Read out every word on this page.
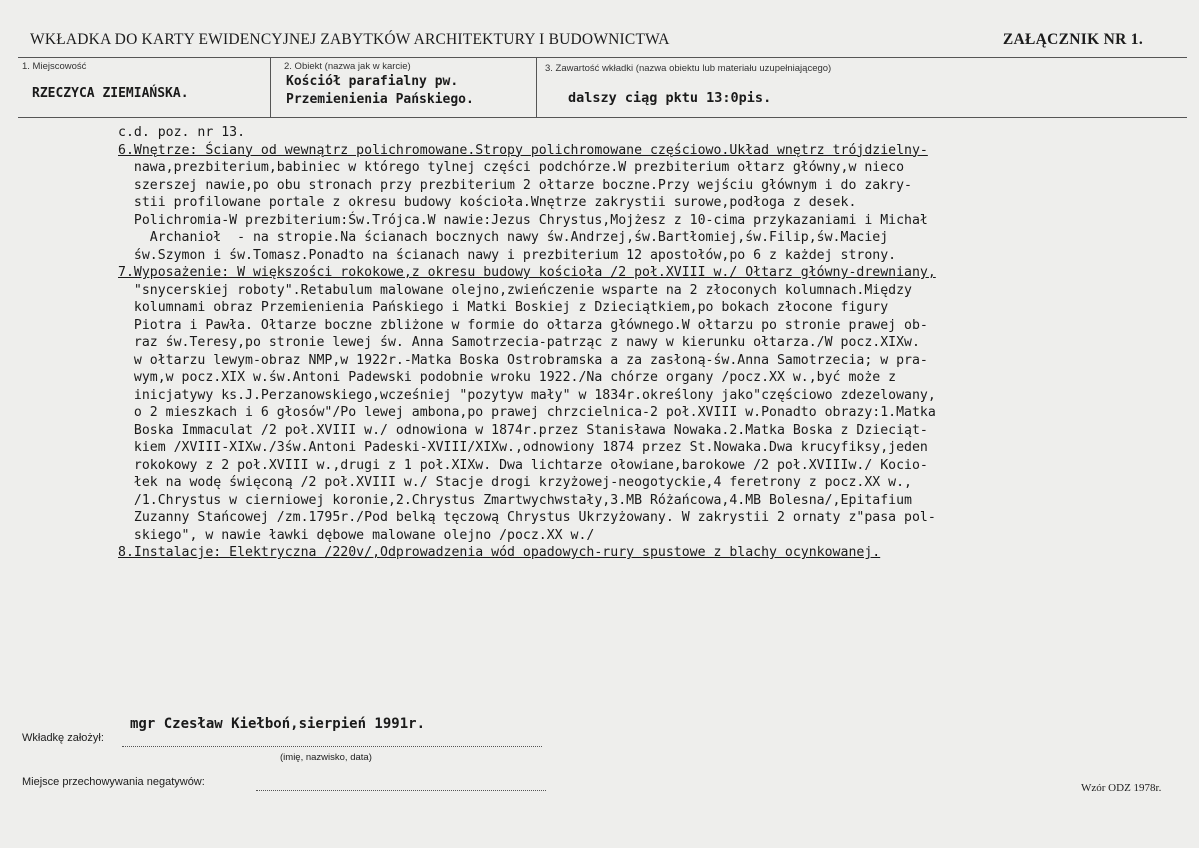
WKŁADKA DO KARTY EWIDENCYJNEJ ZABYTKÓW ARCHITEKTURY I BUDOWNICTWA	ZAŁĄCZNIK NR 1.
1. Miejscowość
RZECZYCA ZIEMIAŃSKA.
2. Obiekt (nazwa jak w karcie)
Kościół parafialny pw.
Przemienienia Pańskiego.
3. Zawartość wkładki (nazwa obiektu lub materiału uzupełniającego)
dalszy ciąg pktu 13:0pis.
c.d. poz. nr 13.
6.Wnętrze: Ściany od wewnątrz polichromowane.Stropy polichromowane częściowo.Układ wnętrz trójdzielny-
nawa,prezbiterium,babiniec w którego tylnej części podchórze.W prezbiterium ołtarz główny,w nieco
szerszej nawie,po obu stronach przy prezbiterium 2 ołtarze boczne.Przy wejściu głównym i do zakry-
stii profilowane portale z okresu budowy kościoła.Wnętrze zakrystii surowe,podłoga z desek.
Polichromia-W prezbiterium:Św.Trójca.W nawie:Jezus Chrystus,Mojżesz z 10-cima przykazaniami i Michał
Archanioł  - na stropie.Na ścianach bocznych nawy św.Andrzej,św.Bartłomiej,św.Filip,św.Maciej
św.Szymon i św.Tomasz.Ponadto na ścianach nawy i prezbiterium 12 apostołów,po 6 z każdej strony.
7.Wyposażenie: W większości rokokowe,z okresu budowy kościoła /2 poł.XVIII w./ Ołtarz główny-drewniany,
"snycerskiej roboty".Retabulum malowane olejno,zwieńczenie wsparte na 2 złoconych kolumnach.Między
kolumnami obraz Przemienienia Pańskiego i Matki Boskiej z Dzieciątkiem,po bokach złocone figury
Piotra i Pawła. Ołtarze boczne zbliżone w formie do ołtarza głównego.W ołtarzu po stronie prawej ob-
raz św.Teresy,po stronie lewej św. Anna Samotrzecia-patrząc z nawy w kierunku ołtarza./W pocz.XIXw.
w ołtarzu lewym-obraz NMP,w 1922r.-Matka Boska Ostrobramska a za zasłoną-św.Anna Samotrzecia; w pra-
wym,w pocz.XIX w.św.Antoni Padewski podobnie wroku 1922./Na chórze organy /pocz.XX w.,być może z
inicjatywy ks.J.Perzanowskiego,wcześniej "pozytyw mały" w 1834r.określony jako"częściowo zdezelowany,
o 2 mieszkach i 6 głosów"/Po lewej ambona,po prawej chrzcielnica-2 poł.XVIII w.Ponadto obrazy:1.Matka
Boska Immaculat /2 poł.XVIII w./ odnowiona w 1874r.przez Stanisława Nowaka.2.Matka Boska z Dzieciąt-
kiem /XVIII-XIXw./3św.Antoni Padeski-XVIII/XIXw.,odnowiony 1874 przez St.Nowaka.Dwa krucyfiksy,jeden
rokokowy z 2 poł.XVIII w.,drugi z 1 poł.XIXw. Dwa lichtarze ołowiane,barokowe /2 poł.XVIIIw./ Kocio-
łek na wodę święconą /2 poł.XVIII w./ Stacje drogi krzyżowej-neogotyckie,4 feretrony z pocz.XX w.,
/1.Chrystus w cierniowej koronie,2.Chrystus Zmartwychwstały,3.MB Różańcowa,4.MB Bolesna/,Epitafium
Zuzanny Stańcowej /zm.1795r./Pod belką tęczową Chrystus Ukrzyżowany. W zakrystii 2 ornaty z"pasa pol-
skiego", w nawie ławki dębowe malowane olejno /pocz.XX w./
8.Instalacje: Elektryczna /220v/,Odprowadzenia wód opadowych-rury spustowe z blachy ocynkowanej.
mgr Czesław Kiełboń,sierpień 1991r.
Wkładkę założył:
(imię, nazwisko, data)
Miejsce przechowywania negatywów:	Wzór ODZ 1978r.
